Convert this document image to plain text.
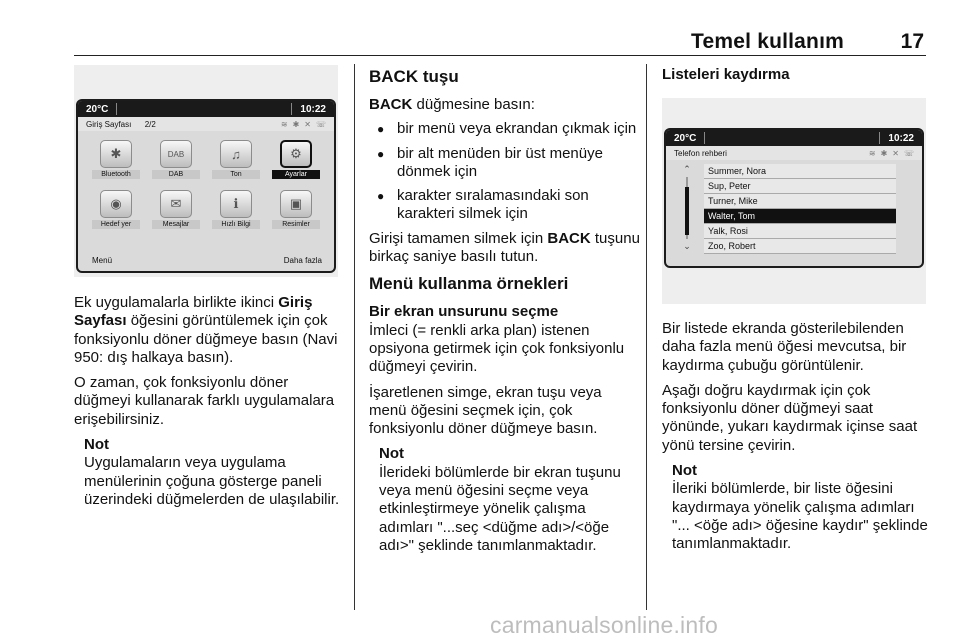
Temel kullanım	17
20°C	10:22
Giriş Sayfası 2/2	≋ ✱ ✕ ☏
✱
Bluetooth
DAB
DAB
♫
Ton
⚙
Ayarlar
◉
Hedef yer
✉
Mesajlar
ℹ
Hızlı Bilgi
▣
Resimler
Menü	Daha fazla

Ek uygulamalarla birlikte ikinci Giriş Sayfası öğesini görüntülemek için çok fonksiyonlu döner düğmeye basın (Navi 950: dış halkaya basın).

O zaman, çok fonksiyonlu döner düğmeyi kullanarak farklı uygulamalara erişebilirsiniz.

Not
Uygulamaların veya uygulama menülerinin çoğuna gösterge paneli üzerindeki düğmelerden de ulaşılabilir.
BACK tuşu

BACK düğmesine basın:

● bir menü veya ekrandan çıkmak için
● bir alt menüden bir üst menüye dönmek için
● karakter sıralamasındaki son karakteri silmek için

Girişi tamamen silmek için BACK tuşunu birkaç saniye basılı tutun.

Menü kullanma örnekleri
Bir ekran unsurunu seçme

İmleci (= renkli arka plan) istenen opsiyona getirmek için çok fonksiyonlu düğmeyi çevirin.

İşaretlenen simge, ekran tuşu veya menü öğesini seçmek için, çok fonksiyonlu döner düğmeye basın.

Not
İlerideki bölümlerde bir ekran tuşunu veya menü öğesini seçme veya etkinleştirmeye yönelik çalışma adımları "...seç <düğme adı>/<öğe adı>" şeklinde tanımlanmaktadır.
Listeleri kaydırma
20°C	10:22
Telefon rehberi	≋ ✱ ✕ ☏
⌃
⌄
Summer, Nora
Sup, Peter
Turner, Mike
Walter, Tom
Yalk, Rosi
Zoo, Robert

Bir listede ekranda gösterilebilenden daha fazla menü öğesi mevcutsa, bir kaydırma çubuğu görüntülenir.

Aşağı doğru kaydırmak için çok fonksiyonlu döner düğmeyi saat yönünde, yukarı kaydırmak içinse saat yönü tersine çevirin.

Not
İleriki bölümlerde, bir liste öğesini kaydırmaya yönelik çalışma adımları "... <öğe adı> öğesine kaydır" şeklinde tanımlanmaktadır.
carmanualsonline.info
